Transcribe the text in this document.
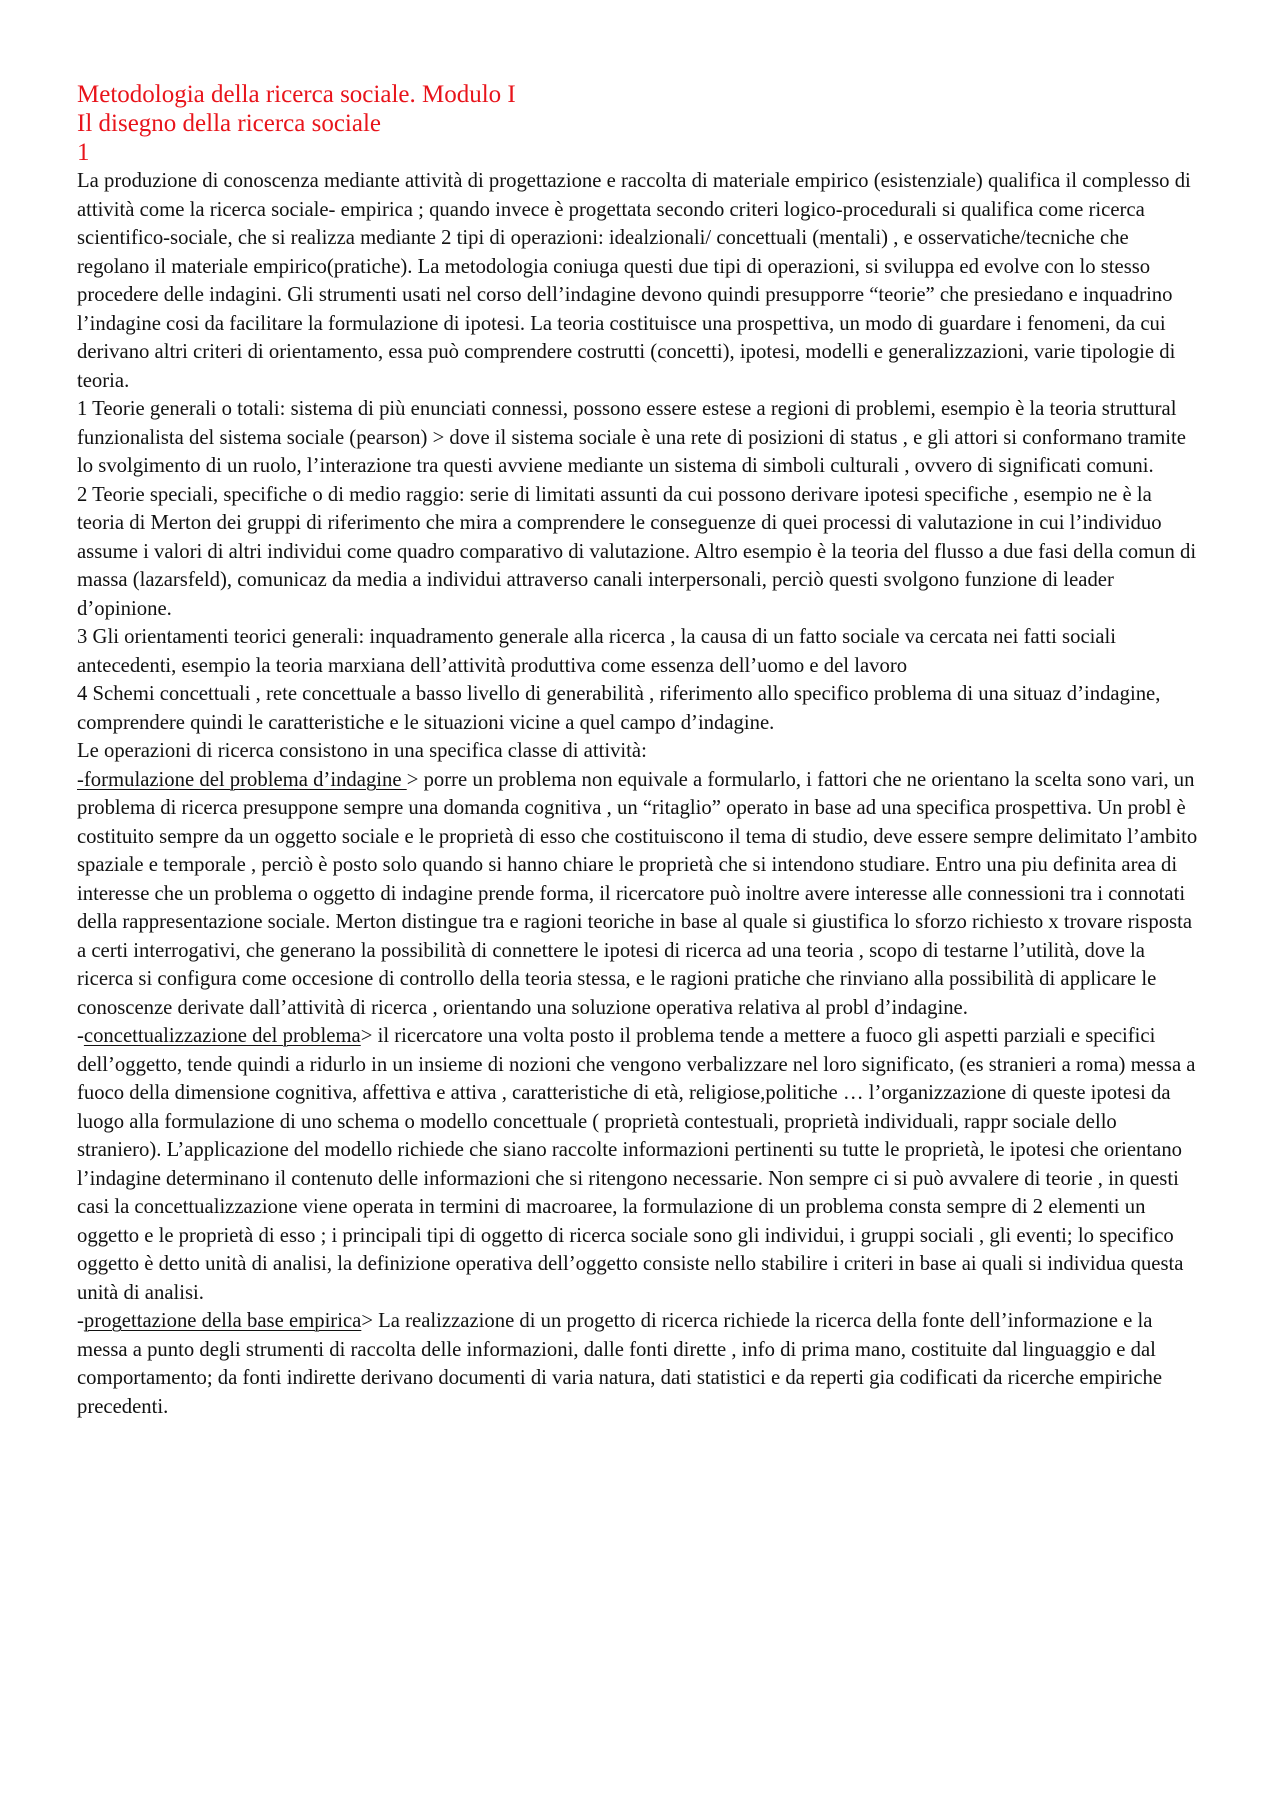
Metodologia della ricerca sociale. Modulo I
Il disegno della ricerca sociale
1

La produzione di conoscenza mediante attività di progettazione e raccolta di materiale empirico (esistenziale) qualifica il complesso di attività come la ricerca sociale- empirica ; quando invece è progettata secondo criteri logico-procedurali si qualifica come ricerca scientifico-sociale, che si realizza mediante 2 tipi di operazioni: idealzionali/ concettuali (mentali) , e osservatiche/tecniche che regolano il materiale empirico(pratiche). La metodologia coniuga questi due tipi di operazioni, si sviluppa ed evolve con lo stesso procedere delle indagini. Gli strumenti usati nel corso dell’indagine devono quindi presupporre “teorie” che presiedano e inquadrino l’indagine cosi da facilitare la formulazione di ipotesi. La teoria costituisce una prospettiva, un modo di guardare i fenomeni, da cui derivano altri criteri di orientamento, essa può comprendere costrutti (concetti), ipotesi, modelli e generalizzazioni, varie tipologie di teoria.

1 Teorie generali o totali: sistema di più enunciati connessi, possono essere estese a regioni di problemi, esempio è la teoria struttural funzionalista del sistema sociale (pearson) > dove il sistema sociale è una rete di posizioni di status , e gli attori si conformano tramite lo svolgimento di un ruolo, l’interazione tra questi avviene mediante un sistema di simboli culturali , ovvero di significati comuni.

2 Teorie speciali, specifiche o di medio raggio: serie di limitati assunti da cui possono derivare ipotesi specifiche , esempio ne è la teoria di Merton dei gruppi di riferimento che mira a comprendere le conseguenze di quei processi di valutazione in cui l’individuo assume i valori di altri individui come quadro comparativo di valutazione. Altro esempio è la teoria del flusso a due fasi della comun di massa (lazarsfeld), comunicaz da media a individui attraverso canali interpersonali, perciò questi svolgono funzione di leader d’opinione.

3 Gli orientamenti teorici generali: inquadramento generale alla ricerca , la causa di un fatto sociale va cercata nei fatti sociali antecedenti, esempio la teoria marxiana dell’attività produttiva come essenza dell’uomo e del lavoro

4 Schemi concettuali , rete concettuale a basso livello di generabilità , riferimento allo specifico problema di una situaz d’indagine, comprendere quindi le caratteristiche e le situazioni vicine a quel campo d’indagine.

Le operazioni di ricerca consistono in una specifica classe di attività:

-formulazione del problema d’indagine > porre un problema non equivale a formularlo, i fattori che ne orientano la scelta sono vari, un problema di ricerca presuppone sempre una domanda cognitiva , un “ritaglio” operato in base ad una specifica prospettiva. Un probl è costituito sempre da un oggetto sociale e le proprietà di esso che costituiscono il tema di studio, deve essere sempre delimitato l’ambito spaziale e temporale , perciò è posto solo quando si hanno chiare le proprietà che si intendono studiare. Entro una piu definita area di interesse che un problema o oggetto di indagine prende forma, il ricercatore può inoltre avere interesse alle connessioni tra i connotati della rappresentazione sociale. Merton distingue tra e ragioni teoriche in base al quale si giustifica lo sforzo richiesto x trovare risposta a certi interrogativi, che generano la possibilità di connettere le ipotesi di ricerca ad una teoria , scopo di testarne l’utilità, dove la ricerca si configura come occesione di controllo della teoria stessa, e le ragioni pratiche che rinviano alla possibilità di applicare le conoscenze derivate dall’attività di ricerca , orientando una soluzione operativa relativa al probl d’indagine.

-concettualizzazione del problema> il ricercatore una volta posto il problema tende a mettere a fuoco gli aspetti parziali e specifici dell’oggetto, tende quindi a ridurlo in un insieme di nozioni che vengono verbalizzare nel loro significato, (es stranieri a roma) messa a fuoco della dimensione cognitiva, affettiva e attiva , caratteristiche di età, religiose,politiche … l’organizzazione di queste ipotesi da luogo alla formulazione di uno schema o modello concettuale ( proprietà contestuali, proprietà individuali, rappr sociale dello straniero). L’applicazione del modello richiede che siano raccolte informazioni pertinenti su tutte le proprietà, le ipotesi che orientano l’indagine determinano il contenuto delle informazioni che si ritengono necessarie. Non sempre ci si può avvalere di teorie , in questi casi la concettualizzazione viene operata in termini di macroaree, la formulazione di un problema consta sempre di 2 elementi un oggetto e le proprietà di esso ; i principali tipi di oggetto di ricerca sociale sono gli individui, i gruppi sociali , gli eventi; lo specifico oggetto è detto unità di analisi, la definizione operativa dell’oggetto consiste nello stabilire i criteri in base ai quali si individua questa unità di analisi.

-progettazione della base empirica> La realizzazione di un progetto di ricerca richiede la ricerca della fonte dell’informazione e la messa a punto degli strumenti di raccolta delle informazioni, dalle fonti dirette , info di prima mano, costituite dal linguaggio e dal comportamento; da fonti indirette derivano documenti di varia natura, dati statistici e da reperti gia codificati da ricerche empiriche precedenti.
